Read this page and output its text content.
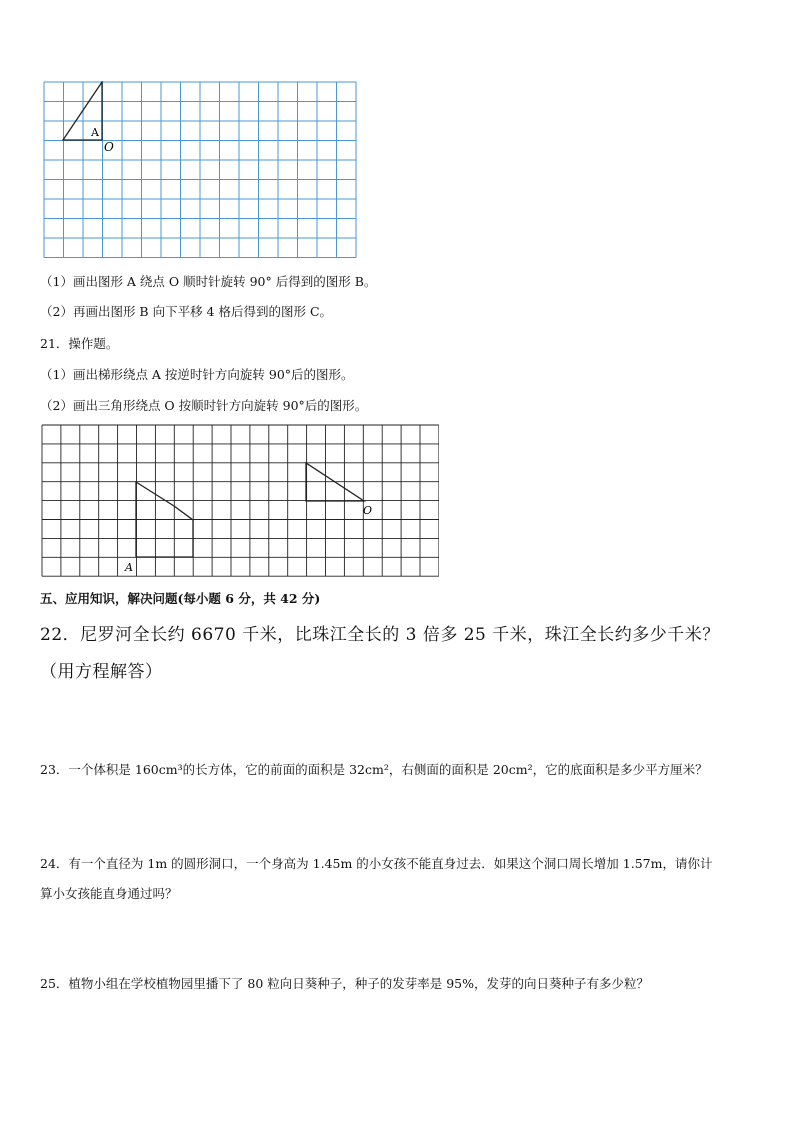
A
O
（1）画出图形 A 绕点 O 顺时针旋转 90° 后得到的图形 B。
（2）再画出图形 B 向下平移 4 格后得到的图形 C。
21．操作题。
（1）画出梯形绕点 A 按逆时针方向旋转 90°后的图形。
（2）画出三角形绕点 O 按顺时针方向旋转 90°后的图形。
A
O
五、应用知识，解决问题(每小题 6 分，共 42 分)
22．尼罗河全长约 6670 千米，比珠江全长的 3 倍多 25 千米，珠江全长约多少千米？
（用方程解答）
23．一个体积是 160cm³的长方体，它的前面的面积是 32cm²，右侧面的面积是 20cm²，它的底面积是多少平方厘米？
24．有一个直径为 1m 的圆形洞口，一个身高为 1.45m 的小女孩不能直身过去．如果这个洞口周长增加 1.57m，请你计
算小女孩能直身通过吗？
25．植物小组在学校植物园里播下了 80 粒向日葵种子，种子的发芽率是 95%，发芽的向日葵种子有多少粒？
